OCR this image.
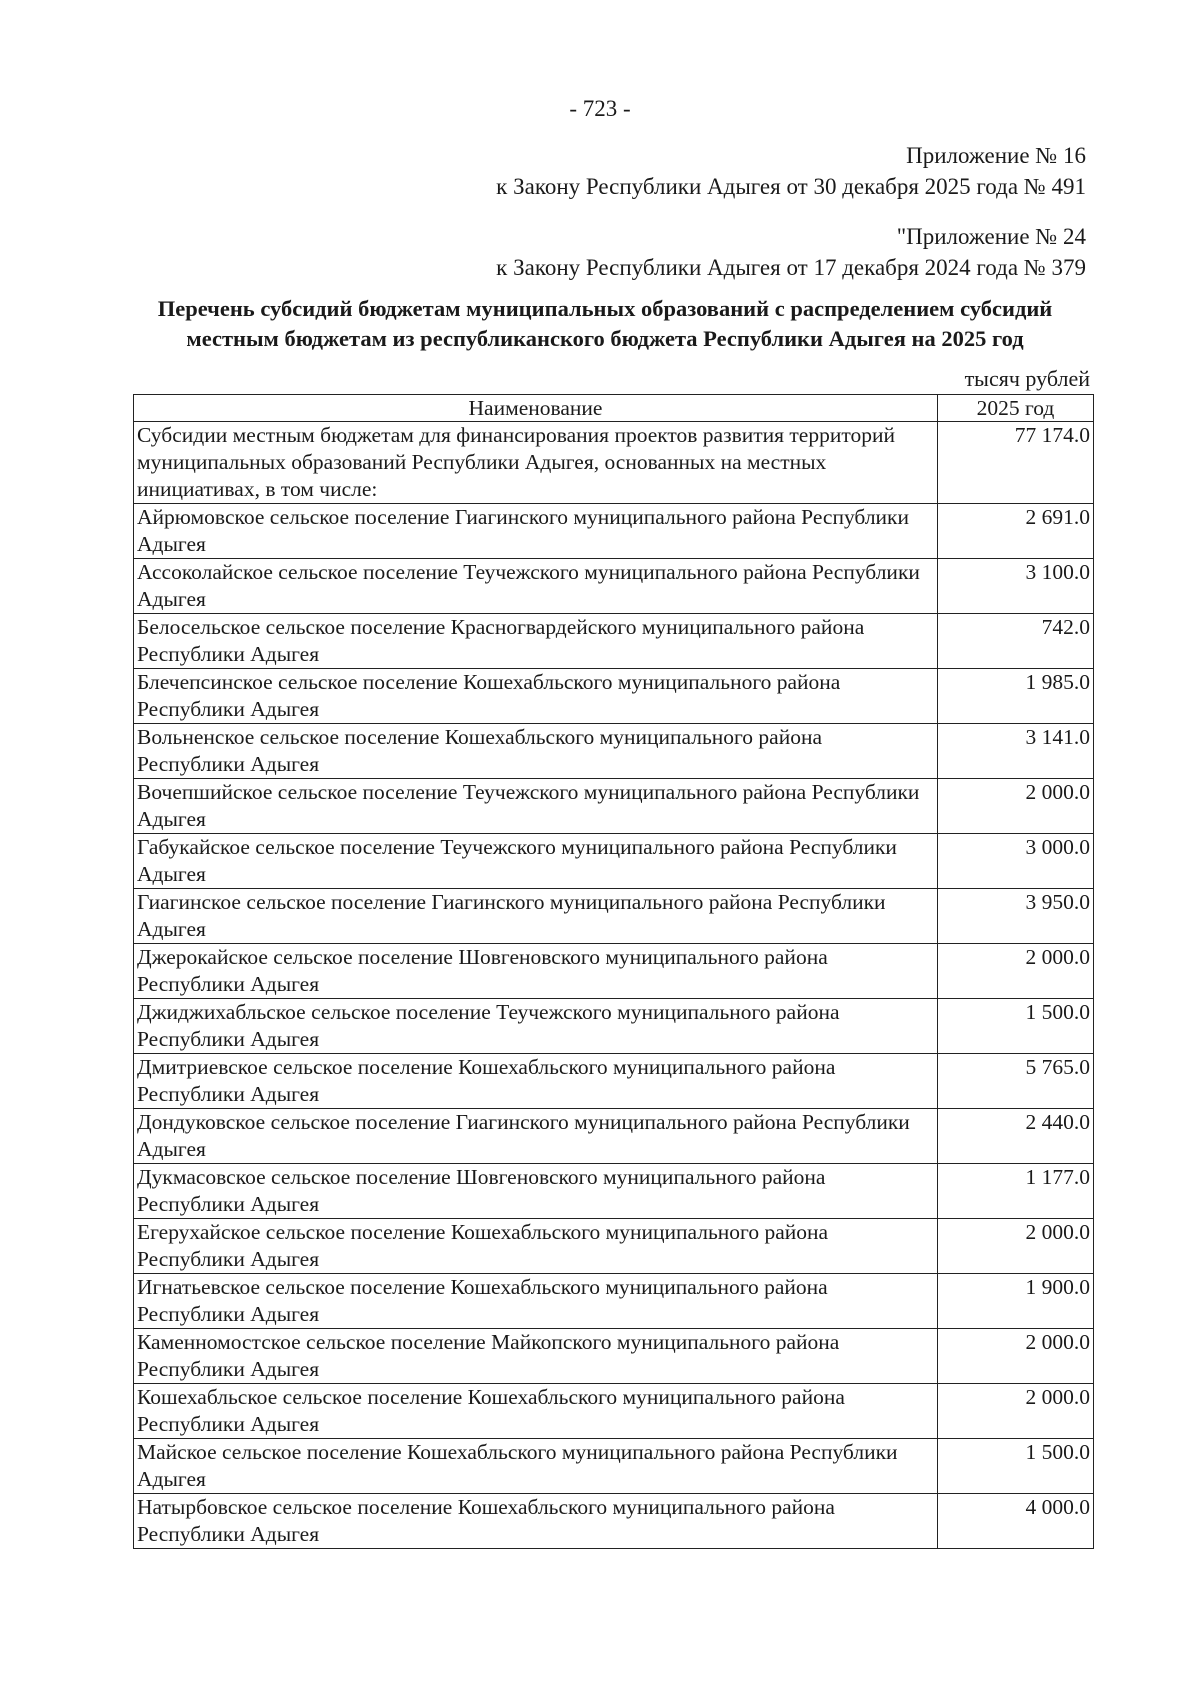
- 723 -
Приложение № 16
к Закону Республики Адыгея от 30 декабря 2025 года № 491
"Приложение № 24
к Закону Республики Адыгея от 17 декабря 2024 года № 379
Перечень субсидий бюджетам муниципальных образований с распределением субсидий
местным бюджетам из республиканского бюджета Республики Адыгея на 2025 год
тысяч рублей
Наименование	2025 год
Субсидии местным бюджетам для финансирования проектов развития территорий муниципальных образований Республики Адыгея, основанных на местных инициативах, в том числе:	77 174.0
Айрюмовское сельское поселение Гиагинского муниципального района Республики Адыгея	2 691.0
Ассоколайское сельское поселение Теучежского муниципального района Республики Адыгея	3 100.0
Белосельское сельское поселение Красногвардейского муниципального района Республики Адыгея	742.0
Блечепсинское сельское поселение Кошехабльского муниципального района Республики Адыгея	1 985.0
Вольненское сельское поселение Кошехабльского муниципального района Республики Адыгея	3 141.0
Вочепшийское сельское поселение Теучежского муниципального района Республики Адыгея	2 000.0
Габукайское сельское поселение Теучежского муниципального района Республики Адыгея	3 000.0
Гиагинское сельское поселение Гиагинского муниципального района Республики Адыгея	3 950.0
Джерокайское сельское поселение Шовгеновского муниципального района Республики Адыгея	2 000.0
Джиджихабльское сельское поселение Теучежского муниципального района Республики Адыгея	1 500.0
Дмитриевское сельское поселение Кошехабльского муниципального района Республики Адыгея	5 765.0
Дондуковское сельское поселение Гиагинского муниципального района Республики Адыгея	2 440.0
Дукмасовское сельское поселение Шовгеновского муниципального района Республики Адыгея	1 177.0
Егерухайское сельское поселение Кошехабльского муниципального района Республики Адыгея	2 000.0
Игнатьевское сельское поселение Кошехабльского муниципального района Республики Адыгея	1 900.0
Каменномостское сельское поселение Майкопского муниципального района Республики Адыгея	2 000.0
Кошехабльское сельское поселение Кошехабльского муниципального района Республики Адыгея	2 000.0
Майское сельское поселение Кошехабльского муниципального района Республики Адыгея	1 500.0
Натырбовское сельское поселение Кошехабльского муниципального района Республики Адыгея	4 000.0
